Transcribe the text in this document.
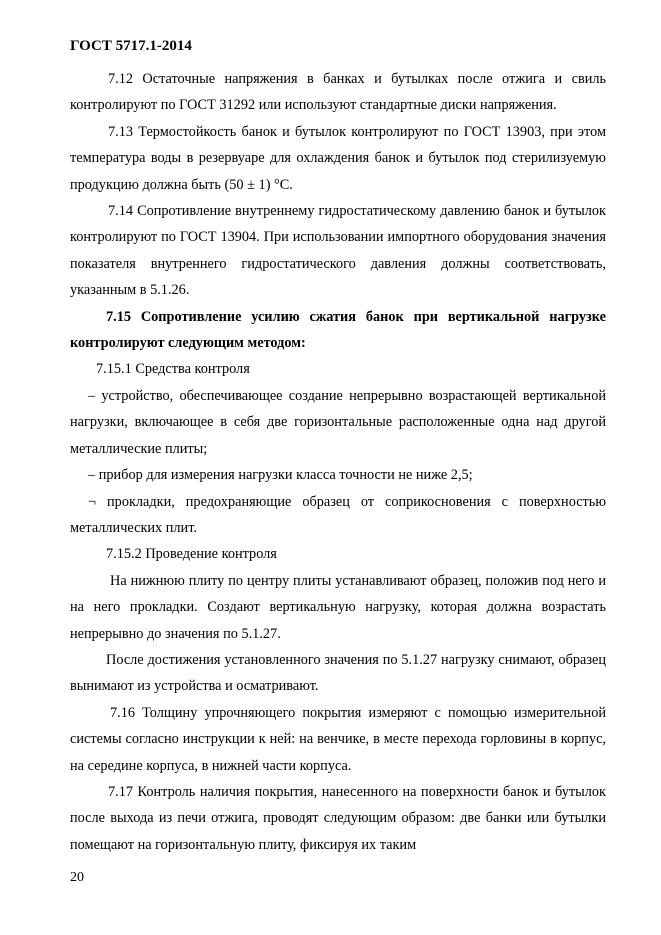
ГОСТ 5717.1-2014

7.12 Остаточные напряжения в банках и бутылках после отжига и свиль контролируют по ГОСТ 31292 или используют стандартные диски напряжения.

7.13 Термостойкость банок и бутылок контролируют по ГОСТ 13903, при этом температура воды в резервуаре для охлаждения банок и бутылок под стерилизуемую продукцию должна быть (50 ± 1) °С.

7.14 Сопротивление внутреннему гидростатическому давлению банок и бутылок контролируют по ГОСТ 13904. При использовании импортного оборудования значения показателя внутреннего гидростатического давления должны соответствовать, указанным в 5.1.26.

7.15 Сопротивление усилию сжатия банок при вертикальной нагрузке контролируют следующим методом:

7.15.1 Средства контроля

– устройство, обеспечивающее создание непрерывно возрастающей вертикальной нагрузки, включающее в себя две горизонтальные расположенные одна над другой металлические плиты;

– прибор для измерения нагрузки класса точности не ниже 2,5;

¬ прокладки, предохраняющие образец от соприкосновения с поверхностью металлических плит.

7.15.2 Проведение контроля

На нижнюю плиту по центру плиты устанавливают образец, положив под него и на него прокладки. Создают вертикальную нагрузку, которая должна возрастать непрерывно до значения по 5.1.27.

После достижения установленного значения по 5.1.27 нагрузку снимают, образец вынимают из устройства и осматривают.

7.16 Толщину упрочняющего покрытия измеряют с помощью измерительной системы согласно инструкции к ней: на венчике, в месте перехода горловины в корпус, на середине корпуса, в нижней части корпуса.

7.17 Контроль наличия покрытия, нанесенного на поверхности банок и бутылок после выхода из печи отжига, проводят следующим образом: две банки или бутылки помещают на горизонтальную плиту, фиксируя их таким

20
